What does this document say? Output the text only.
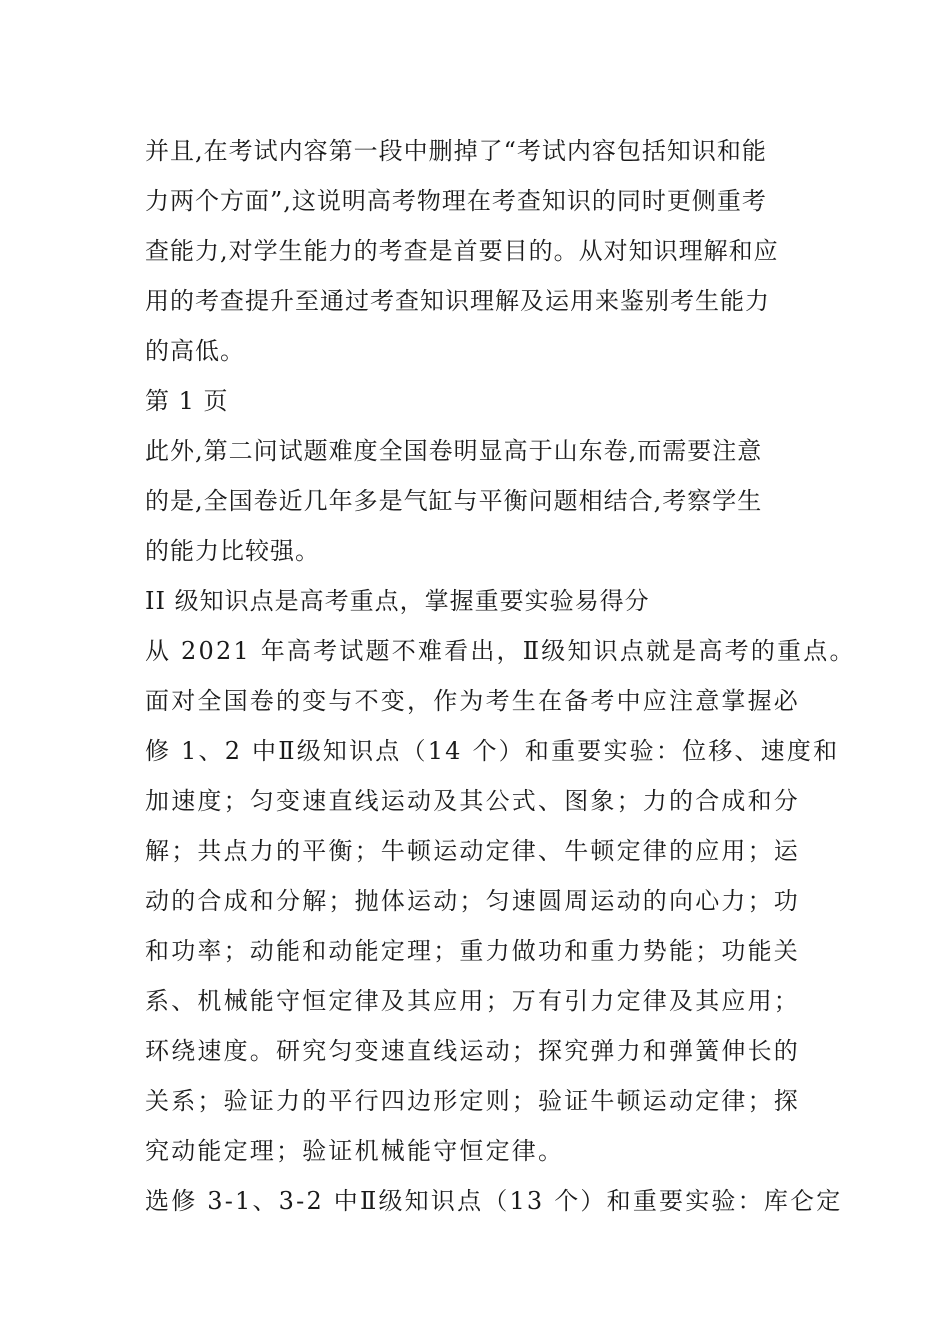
并且,在考试内容第一段中删掉了“考试内容包括知识和能
力两个方面”,这说明高考物理在考查知识的同时更侧重考
查能力,对学生能力的考查是首要目的。从对知识理解和应
用的考查提升至通过考查知识理解及运用来鉴别考生能力
的高低。
第 1 页
此外,第二问试题难度全国卷明显高于山东卷,而需要注意
的是,全国卷近几年多是气缸与平衡问题相结合,考察学生
的能力比较强。
II 级知识点是高考重点，掌握重要实验易得分
从 2021 年高考试题不难看出，Ⅱ级知识点就是高考的重点。
面对全国卷的变与不变，作为考生在备考中应注意掌握必
修 1、2 中Ⅱ级知识点（14 个）和重要实验：位移、速度和
加速度；匀变速直线运动及其公式、图象；力的合成和分
解；共点力的平衡；牛顿运动定律、牛顿定律的应用；运
动的合成和分解；抛体运动；匀速圆周运动的向心力；功
和功率；动能和动能定理；重力做功和重力势能；功能关
系、机械能守恒定律及其应用；万有引力定律及其应用；
环绕速度。研究匀变速直线运动；探究弹力和弹簧伸长的
关系；验证力的平行四边形定则；验证牛顿运动定律；探
究动能定理；验证机械能守恒定律。
选修 3-1、3-2 中Ⅱ级知识点（13 个）和重要实验：库仑定
